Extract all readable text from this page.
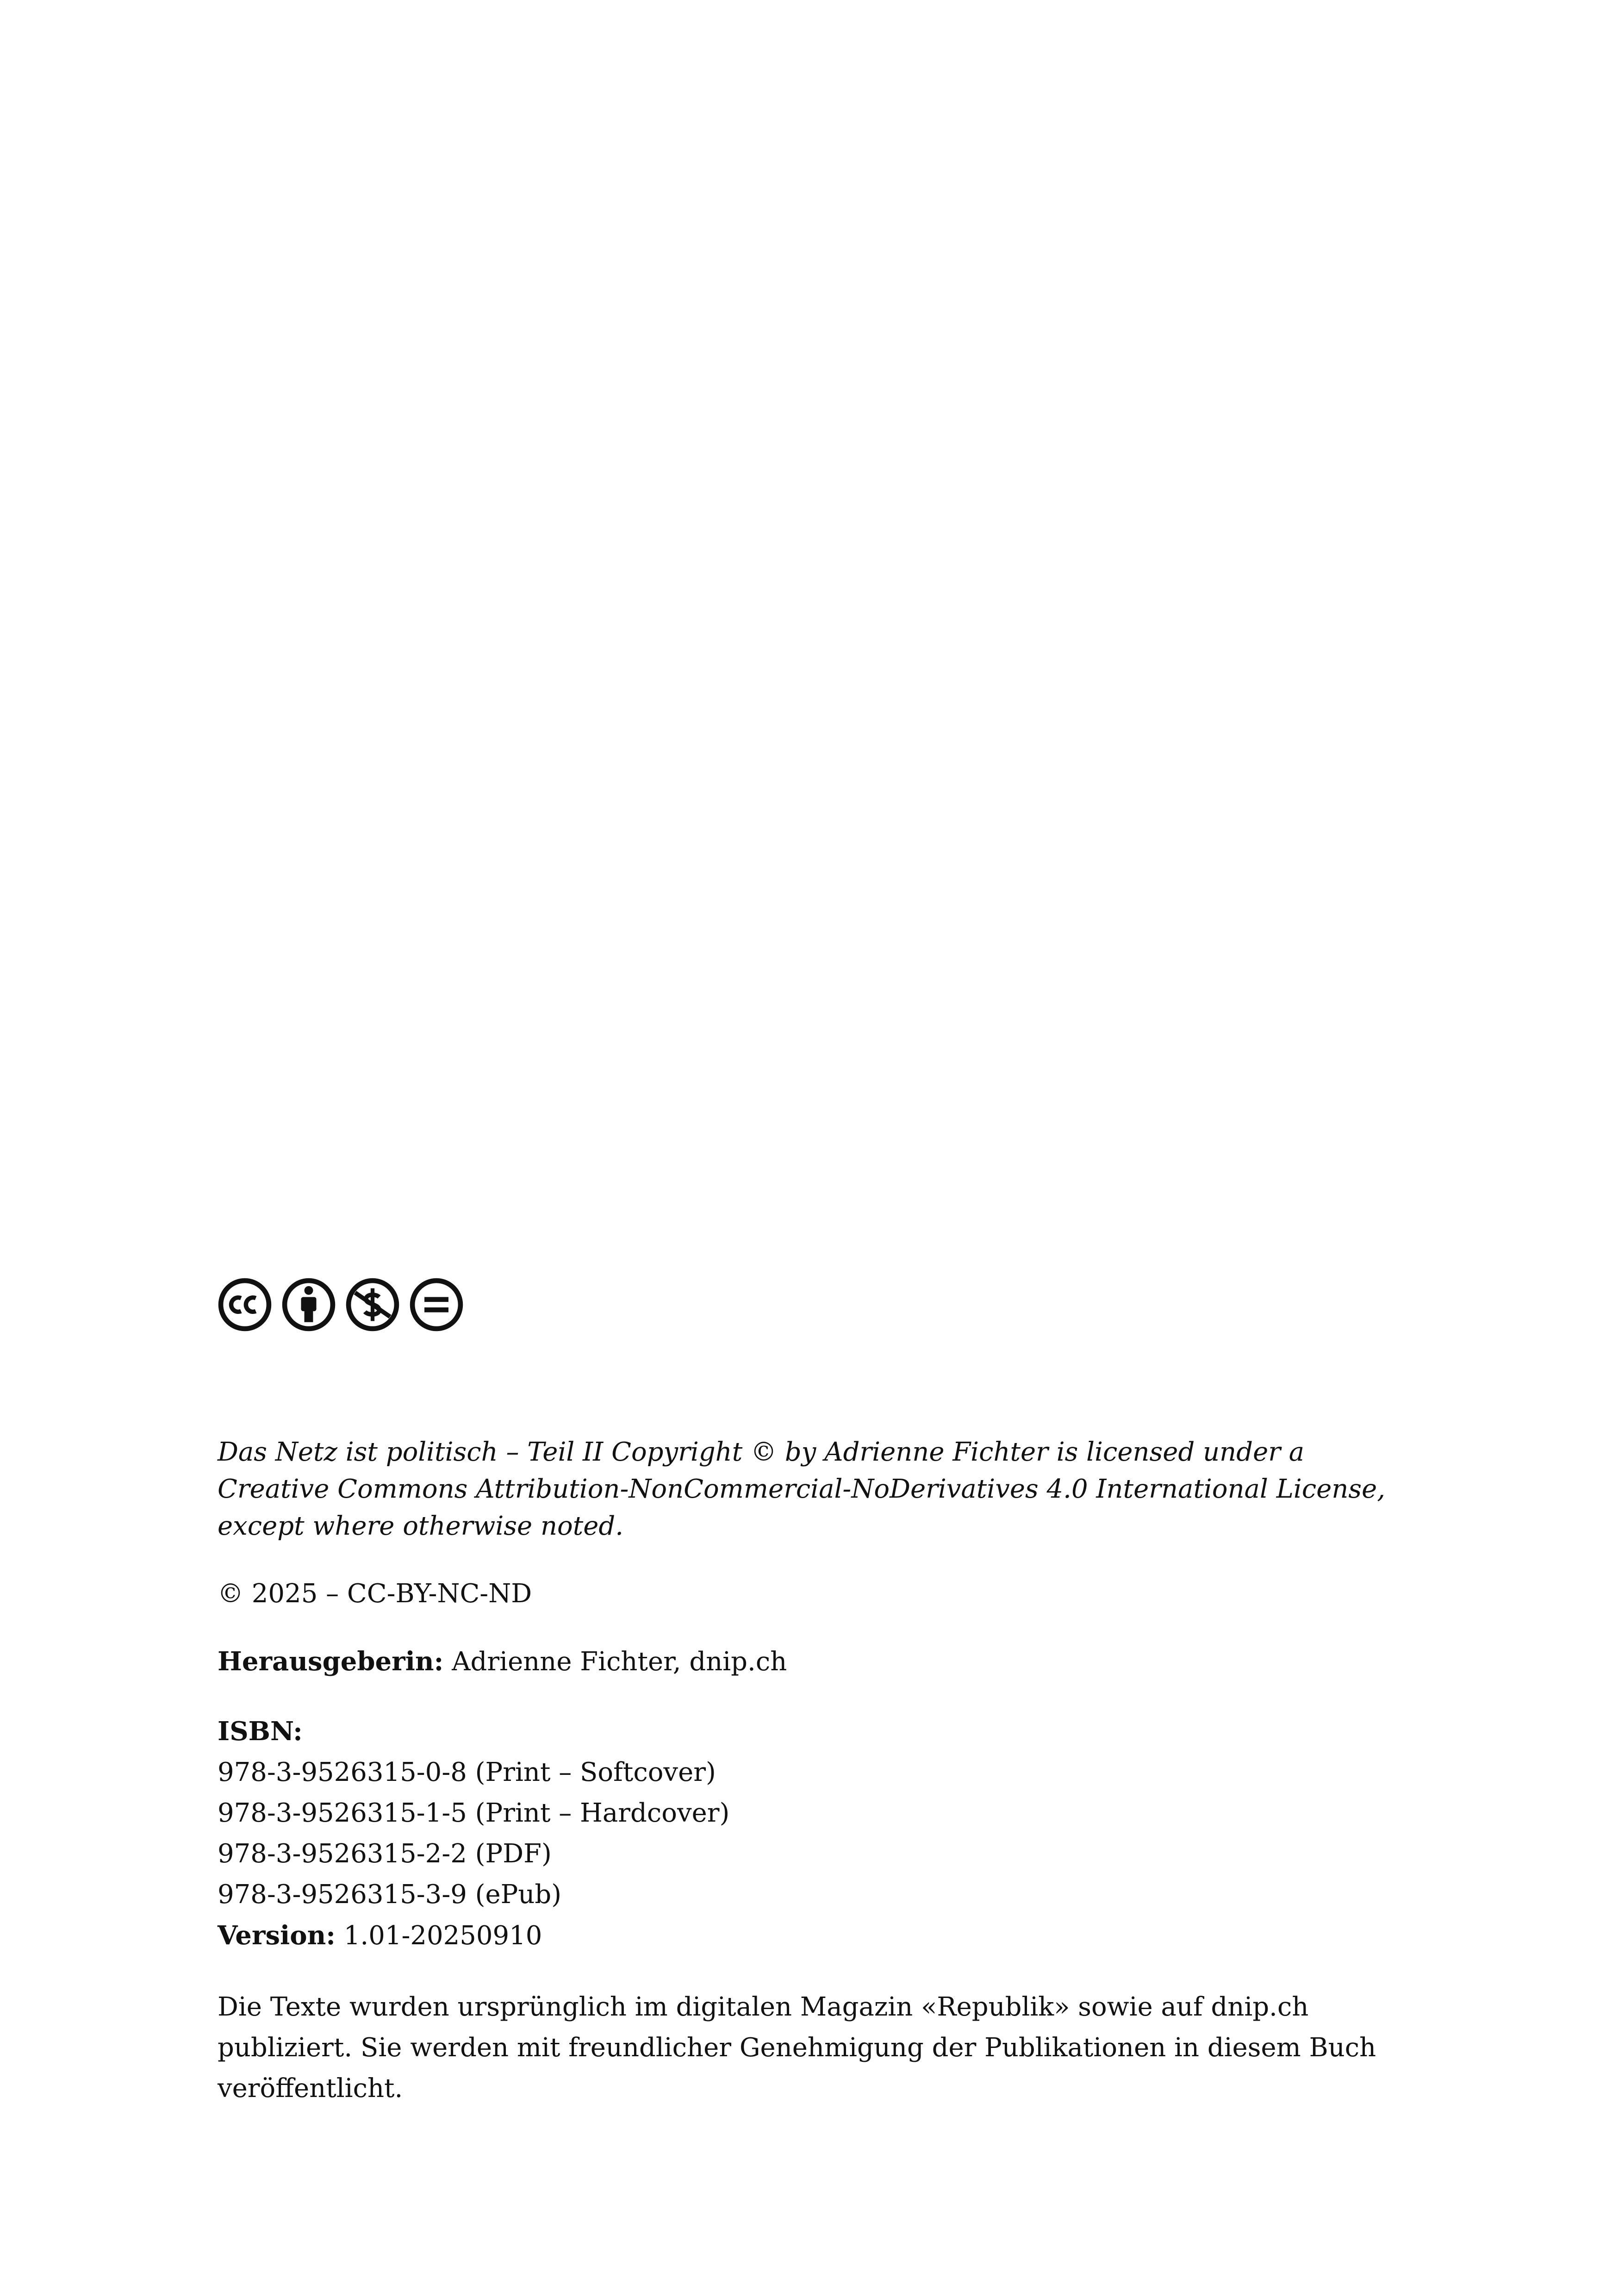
Das Netz ist politisch – Teil II Copyright © by Adrienne Fichter is licensed under a Creative Commons Attribution-NonCommercial-NoDerivatives 4.0 International License, except where otherwise noted.

© 2025 – CC-BY-NC-ND

Herausgeberin: Adrienne Fichter, dnip.ch

ISBN:

978-3-9526315-0-8 (Print – Softcover)

978-3-9526315-1-5 (Print – Hardcover)

978-3-9526315-2-2 (PDF)

978-3-9526315-3-9 (ePub)

Version: 1.01-20250910

Die Texte wurden ursprünglich im digitalen Magazin «Republik» sowie auf dnip.ch publiziert. Sie werden mit freundlicher Genehmigung der Publikationen in diesem Buch veröffentlicht.
